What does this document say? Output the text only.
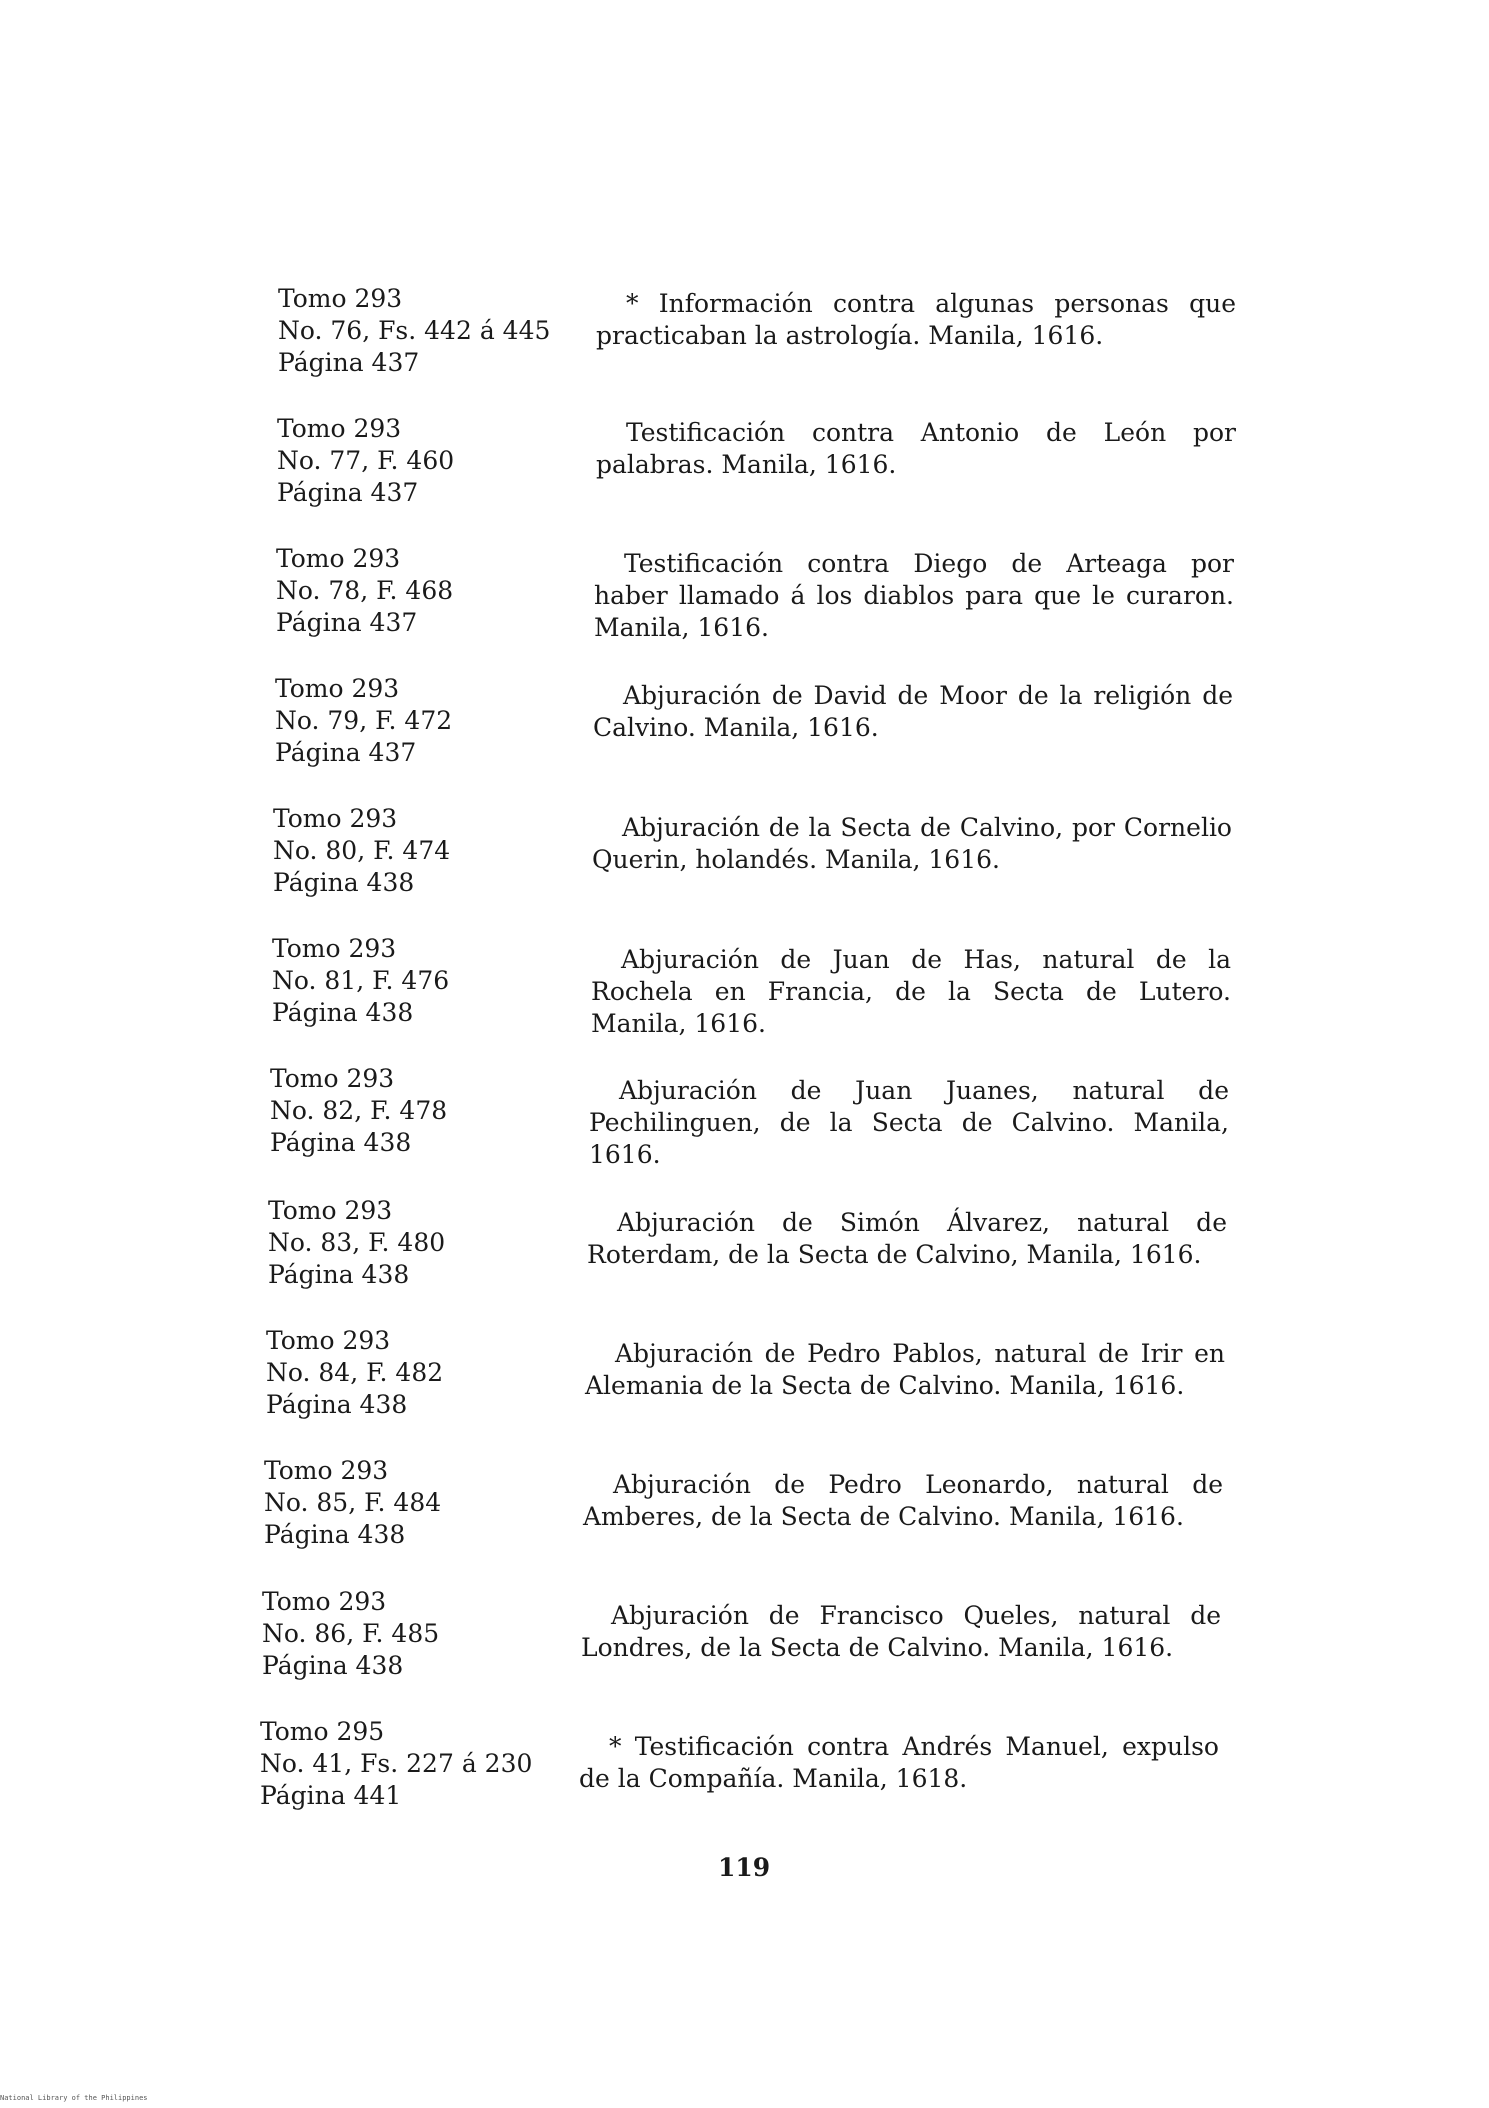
Tomo 293
No. 76, Fs. 442 á 445
Página 437
* Información contra algunas personas que practicaban la astrología. Manila, 1616.
Tomo 293
No. 77, F. 460
Página 437
Testificación contra Antonio de León por palabras. Manila, 1616.
Tomo 293
No. 78, F. 468
Página 437
Testificación contra Diego de Arteaga por haber llamado á los diablos para que le curaron. Manila, 1616.
Tomo 293
No. 79, F. 472
Página 437
Abjuración de David de Moor de la religión de Calvino. Manila, 1616.
Tomo 293
No. 80, F. 474
Página 438
Abjuración de la Secta de Calvino, por Cornelio Querin, holandés. Manila, 1616.
Tomo 293
No. 81, F. 476
Página 438
Abjuración de Juan de Has, natural de la Rochela en Francia, de la Secta de Lutero. Manila, 1616.
Tomo 293
No. 82, F. 478
Página 438
Abjuración de Juan Juanes, natural de Pechilinguen, de la Secta de Calvino. Manila, 1616.
Tomo 293
No. 83, F. 480
Página 438
Abjuración de Simón Álvarez, natural de Roterdam, de la Secta de Calvino, Manila, 1616.
Tomo 293
No. 84, F. 482
Página 438
Abjuración de Pedro Pablos, natural de Irir en Alemania de la Secta de Calvino. Manila, 1616.
Tomo 293
No. 85, F. 484
Página 438
Abjuración de Pedro Leonardo, natural de Amberes, de la Secta de Calvino. Manila, 1616.
Tomo 293
No. 86, F. 485
Página 438
Abjuración de Francisco Queles, natural de Londres, de la Secta de Calvino. Manila, 1616.
Tomo 295
No. 41, Fs. 227 á 230
Página 441
* Testificación contra Andrés Manuel, expulso de la Compañía. Manila, 1618.
119
National Library of the Philippines
